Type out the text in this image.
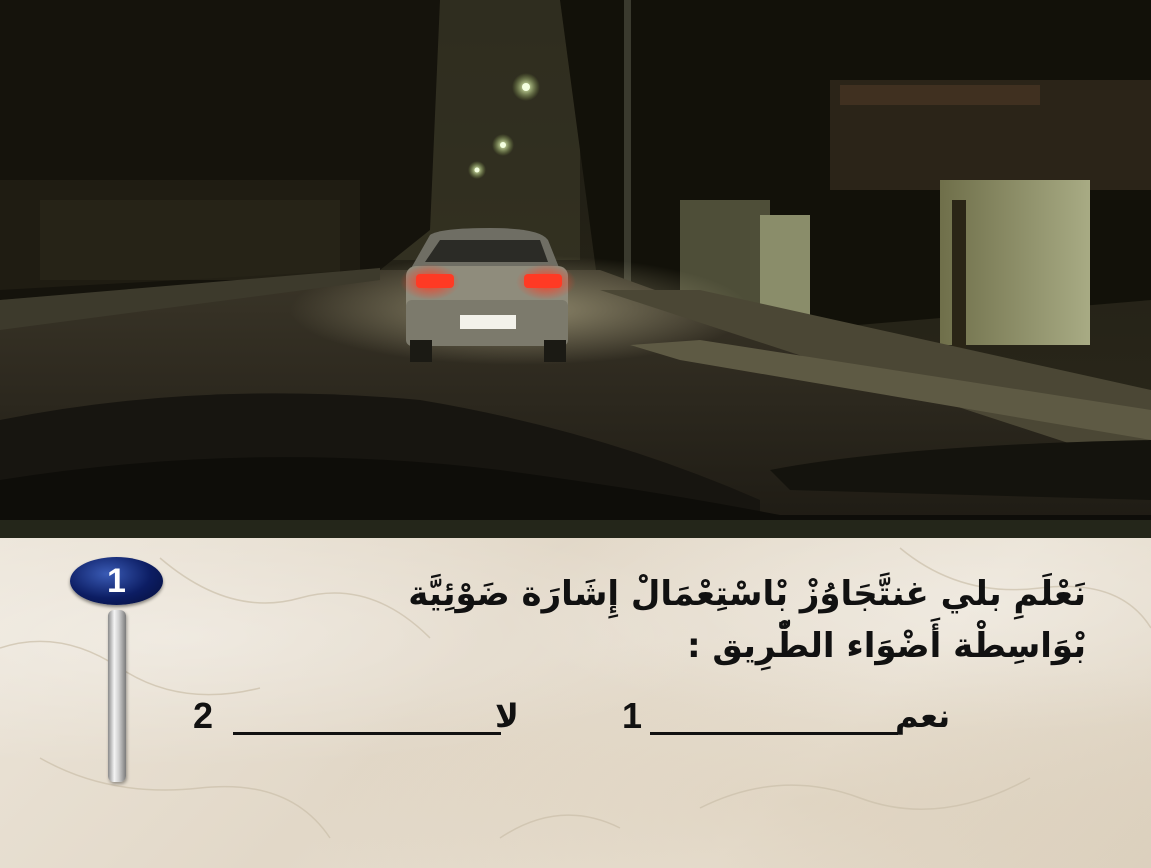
1	نَعْلَمِ بلي غنتَّجَاوُزْ بْاسْتِعْمَالْ إِشَارَة ضَوْئِيَّة
بْوَاسِطْة أَضْوَاء الطّْرِيق :
نعم
1
لا
2
